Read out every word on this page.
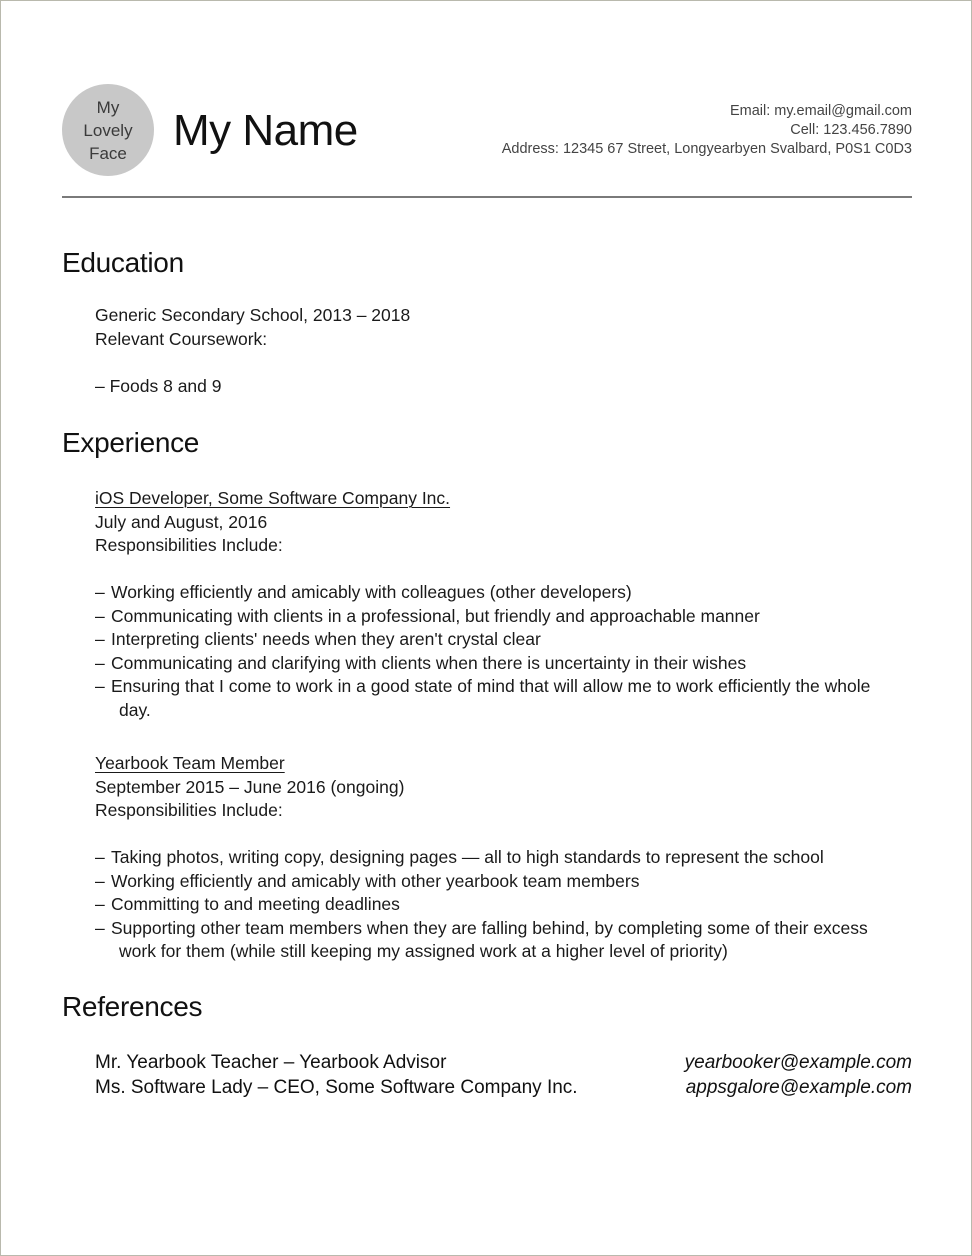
My
Lovely
Face My Name	Email: my.email@gmail.com
Cell: 123.456.7890
Address: 12345 67 Street, Longyearbyen Svalbard, P0S1 C0D3
Education
Generic Secondary School, 2013 – 2018
Relevant Coursework:
– Foods 8 and 9
Experience
iOS Developer, Some Software Company Inc.
July and August, 2016
Responsibilities Include:
– Working efficiently and amicably with colleagues (other developers)
– Communicating with clients in a professional, but friendly and approachable manner
– Interpreting clients' needs when they aren't crystal clear
– Communicating and clarifying with clients when there is uncertainty in their wishes
– Ensuring that I come to work in a good state of mind that will allow me to work efficiently the whole day.
Yearbook Team Member
September 2015 – June 2016 (ongoing)
Responsibilities Include:
– Taking photos, writing copy, designing pages — all to high standards to represent the school
– Working efficiently and amicably with other yearbook team members
– Committing to and meeting deadlines
– Supporting other team members when they are falling behind, by completing some of their excess work for them (while still keeping my assigned work at a higher level of priority)
References
Mr. Yearbook Teacher – Yearbook Advisor	yearbooker@example.com
Ms. Software Lady – CEO, Some Software Company Inc.	appsgalore@example.com
